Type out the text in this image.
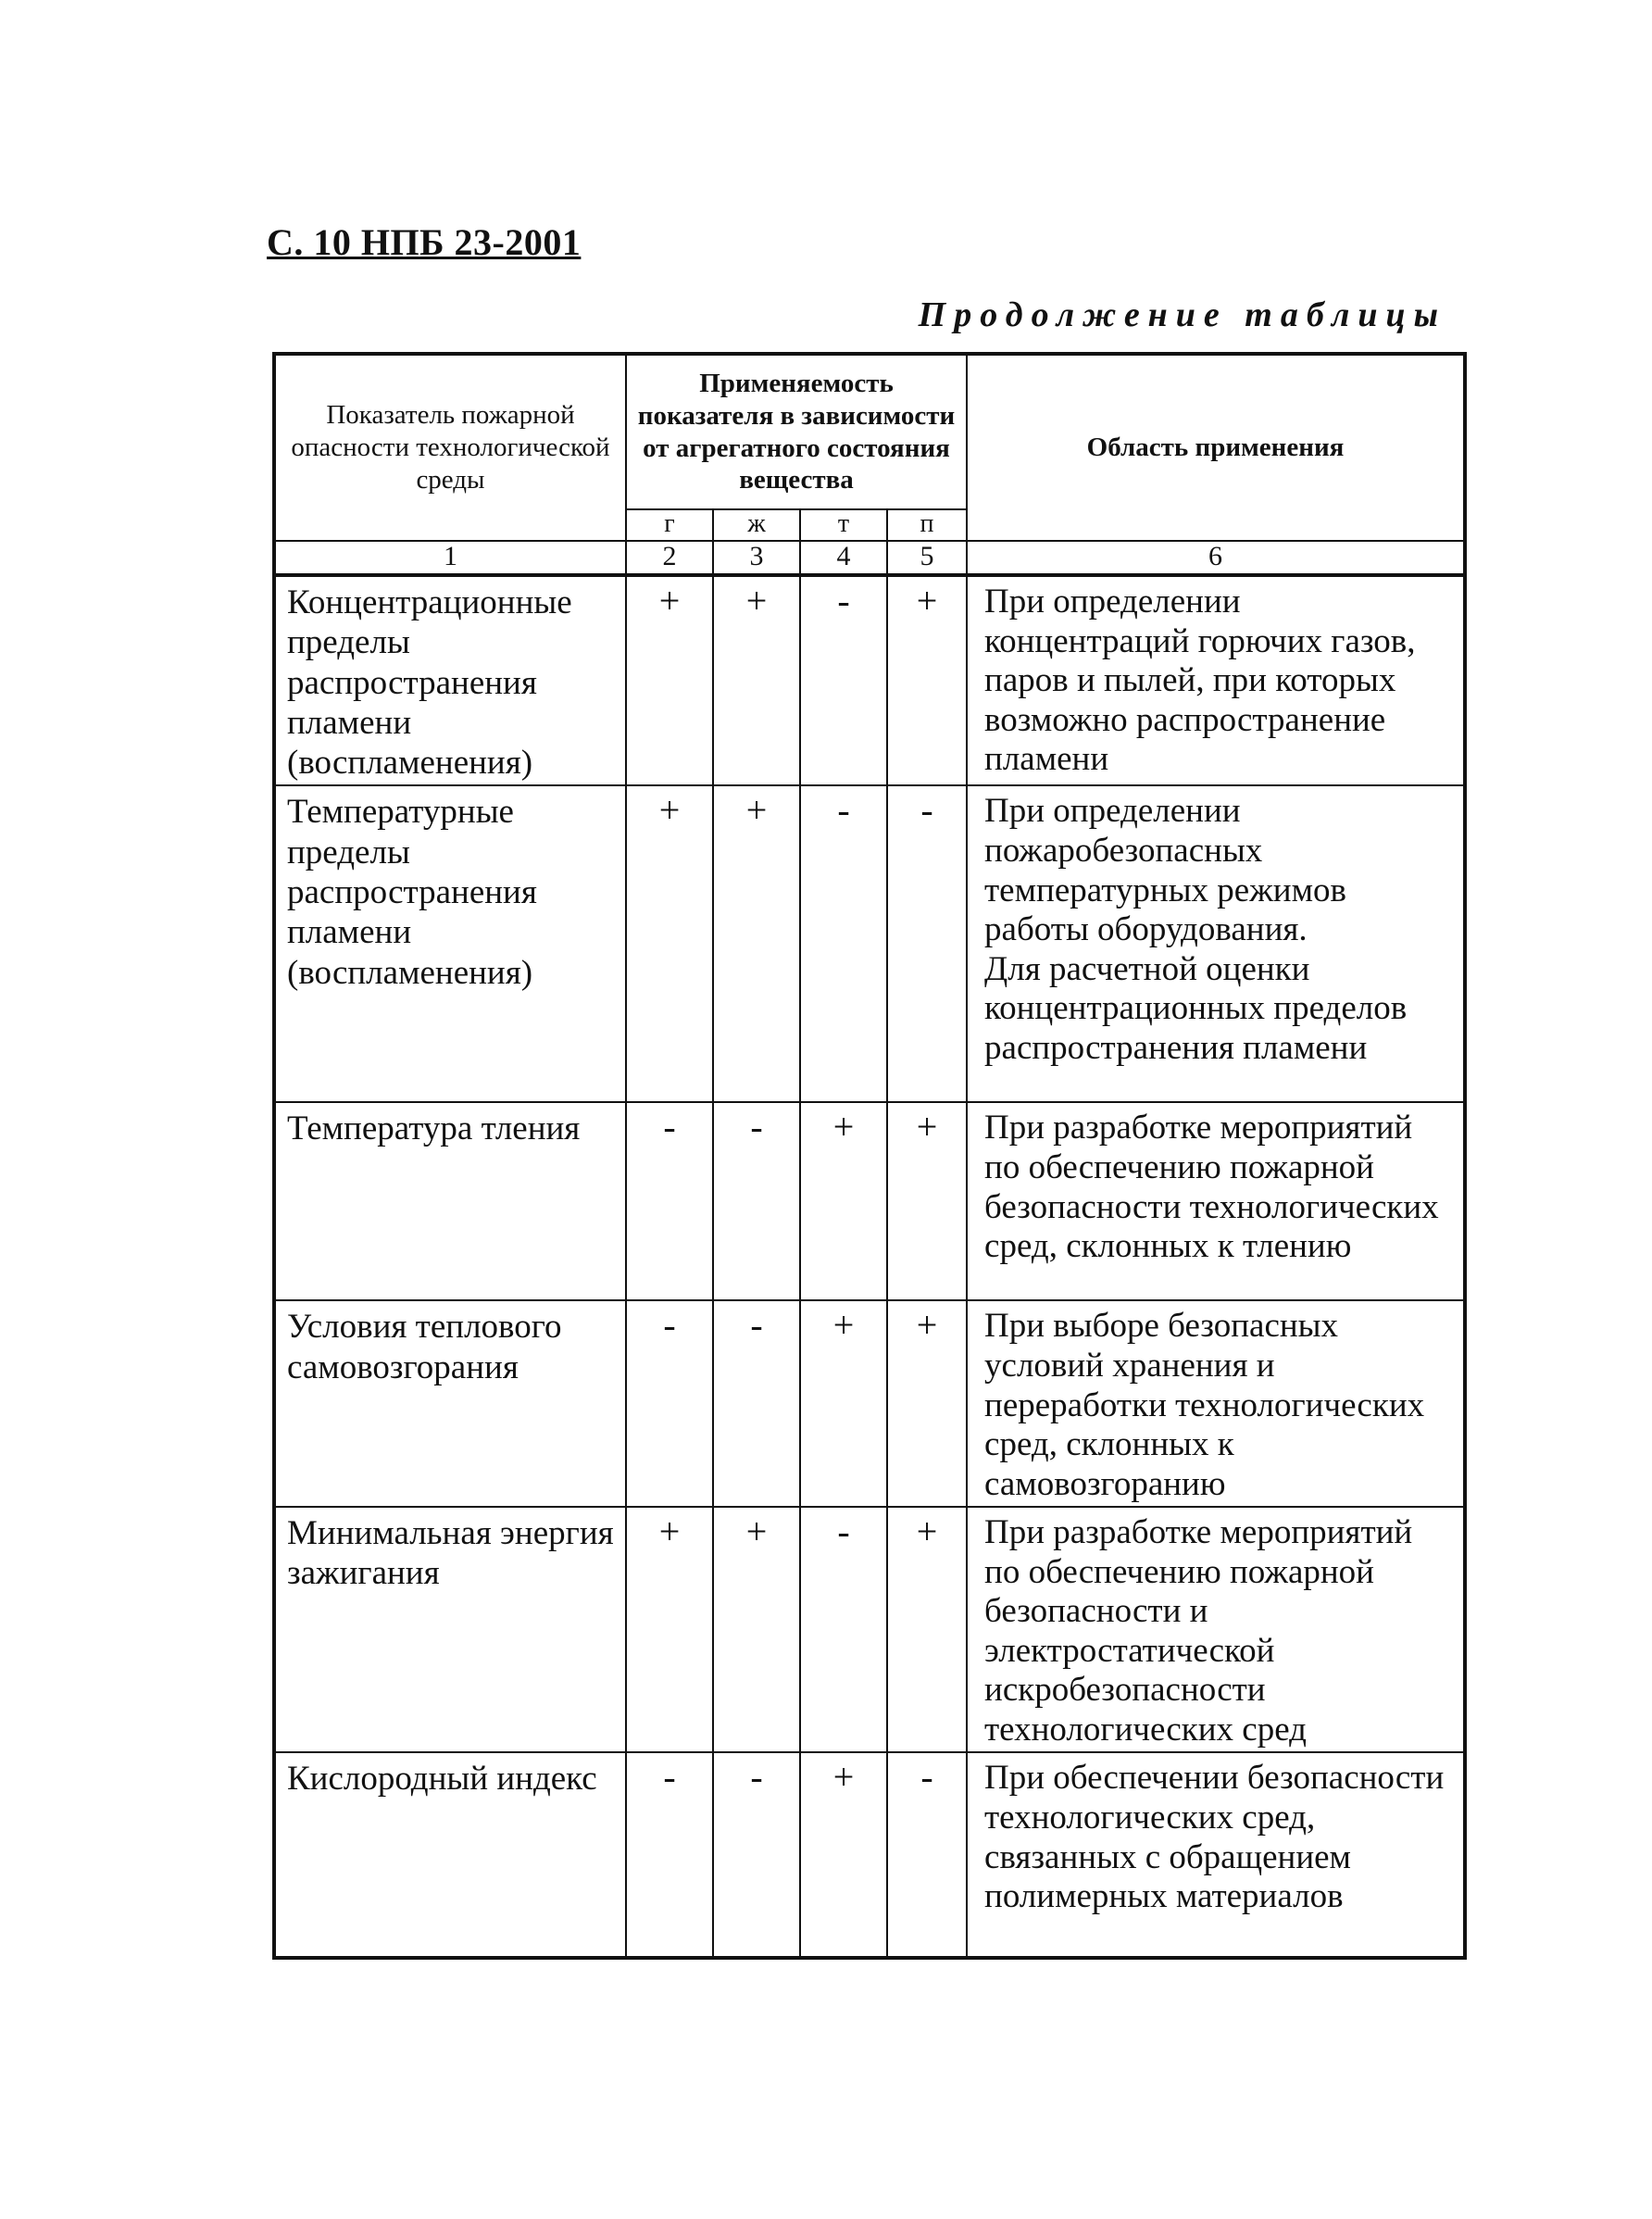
С. 10 НПБ 23-2001
Продолжение таблицы
Показатель пожарной опасности технологической среды	Применяемость показателя в зависимости от агрегатного состояния вещества				Область применения
	г	ж	т	п	
1	2	3	4	5	6
Концентрационные пределы распространения пламени (воспламенения)	+	+	-	+	При определении концентраций горючих газов, паров и пылей, при которых возможно распространение пламени

Температурные пределы распространения пламени (воспламенения)	+	+	-	-	При определении пожаробезопасных температурных режимов работы оборудования.
Для расчетной оценки концентрационных пределов распространения пламени

Температура тления	-	-	+	+	При разработке мероприятий по обеспечению пожарной безопасности технологических сред, склонных к тлению

Условия теплового самовозгорания	-	-	+	+	При выборе безопасных условий хранения и переработки технологических сред, склонных к самовозгоранию

Минимальная энергия зажигания	+	+	-	+	При разработке мероприятий по обеспечению пожарной безопасности и электростатической искробезопасности технологических сред

Кислородный индекс	-	-	+	-	При обеспечении безопасности технологических сред, связанных с обращением полимерных материалов
